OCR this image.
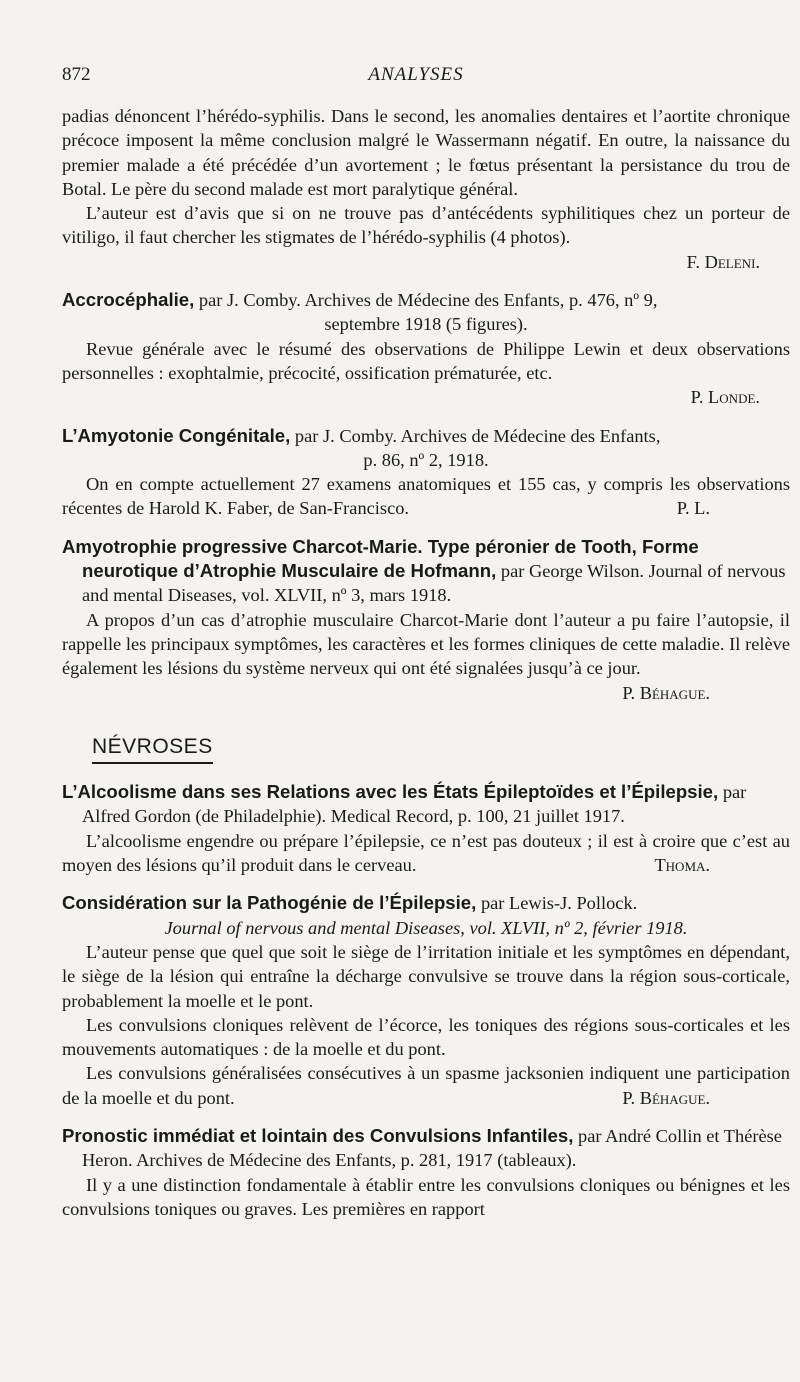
872	ANALYSES

padias dénoncent l’hérédo-syphilis. Dans le second, les anomalies dentaires et l’aortite chronique précoce imposent la même conclusion malgré le Wassermann négatif. En outre, la naissance du premier malade a été précédée d’un avortement ; le fœtus présentant la persistance du trou de Botal. Le père du second malade est mort paralytique général.

L’auteur est d’avis que si on ne trouve pas d’antécédents syphilitiques chez un porteur de vitiligo, il faut chercher les stigmates de l’hérédo-syphilis (4 photos).

F. Deleni.

Accrocéphalie, par J. Comby. Archives de Médecine des Enfants, p. 476, nº 9,

septembre 1918 (5 figures).

Revue générale avec le résumé des observations de Philippe Lewin et deux observations personnelles : exophtalmie, précocité, ossification prématurée, etc.

P. Londe.

L’Amyotonie Congénitale, par J. Comby. Archives de Médecine des Enfants,

p. 86, nº 2, 1918.

On en compte actuellement 27 examens anatomiques et 155 cas, y compris les observations récentes de Harold K. Faber, de San-Francisco.	P. L.

Amyotrophie progressive Charcot-Marie. Type péronier de Tooth, Forme neurotique d’Atrophie Musculaire de Hofmann, par George Wilson. Journal of nervous and mental Diseases, vol. XLVII, nº 3, mars 1918.

A propos d’un cas d’atrophie musculaire Charcot-Marie dont l’auteur a pu faire l’autopsie, il rappelle les principaux symptômes, les caractères et les formes cliniques de cette maladie. Il relève également les lésions du système nerveux qui ont été signalées jusqu’à ce jour.
P. Béhague.

NÉVROSES

L’Alcoolisme dans ses Relations avec les États Épileptoïdes et l’Épilepsie, par Alfred Gordon (de Philadelphie). Medical Record, p. 100, 21 juillet 1917.

L’alcoolisme engendre ou prépare l’épilepsie, ce n’est pas douteux ; il est à croire que c’est au moyen des lésions qu’il produit dans le cerveau.	Thoma.

Considération sur la Pathogénie de l’Épilepsie, par Lewis-J. Pollock.

Journal of nervous and mental Diseases, vol. XLVII, nº 2, février 1918.

L’auteur pense que quel que soit le siège de l’irritation initiale et les symptômes en dépendant, le siège de la lésion qui entraîne la décharge convulsive se trouve dans la région sous-corticale, probablement la moelle et le pont.

Les convulsions cloniques relèvent de l’écorce, les toniques des régions sous-corticales et les mouvements automatiques : de la moelle et du pont.

Les convulsions généralisées consécutives à un spasme jacksonien indiquent une participation de la moelle et du pont.	P. Béhague.

Pronostic immédiat et lointain des Convulsions Infantiles, par André Collin et Thérèse Heron. Archives de Médecine des Enfants, p. 281, 1917 (tableaux).

Il y a une distinction fondamentale à établir entre les convulsions cloniques ou bénignes et les convulsions toniques ou graves. Les premières en rapport
